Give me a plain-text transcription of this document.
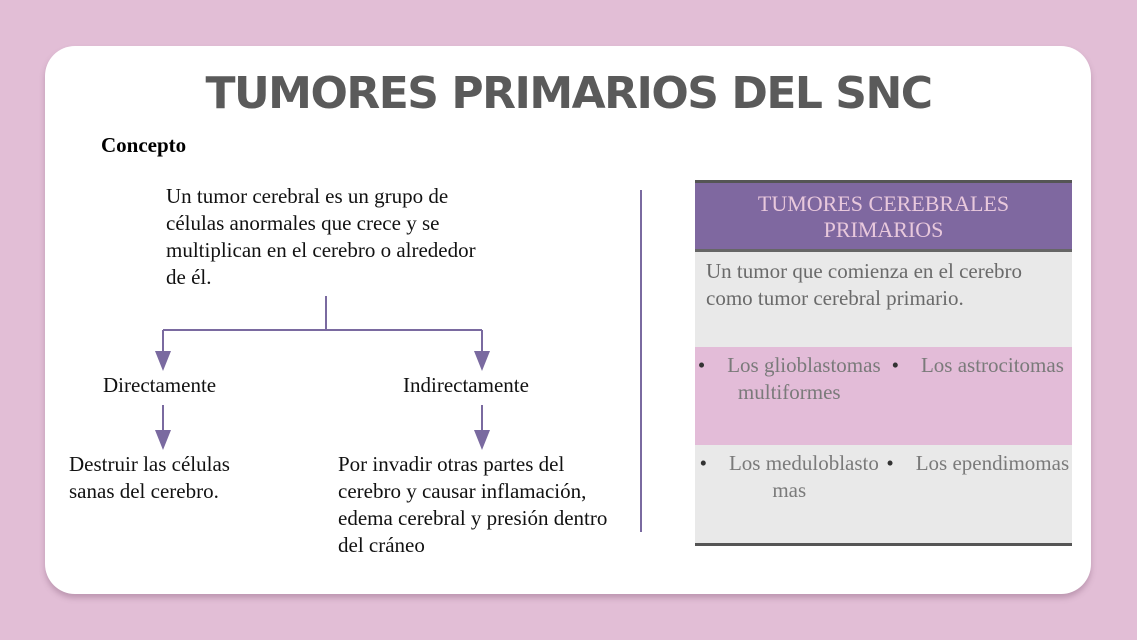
TUMORES PRIMARIOS DEL SNC
Concepto
Un tumor cerebral es un grupo de células anormales que crece y se multiplican en el cerebro o alrededor de él.
Directamente	Indirectamente
Destruir las células sanas del cerebro.
Por invadir otras partes del cerebro y causar inflamación, edema cerebral y presión dentro del cráneo
TUMORES CEREBRALES PRIMARIOS
Un tumor que comienza en el cerebro como tumor cerebral primario.
• Los glioblastomas multiformes
• Los astrocitomas
• Los meduloblasto mas
• Los ependimomas
